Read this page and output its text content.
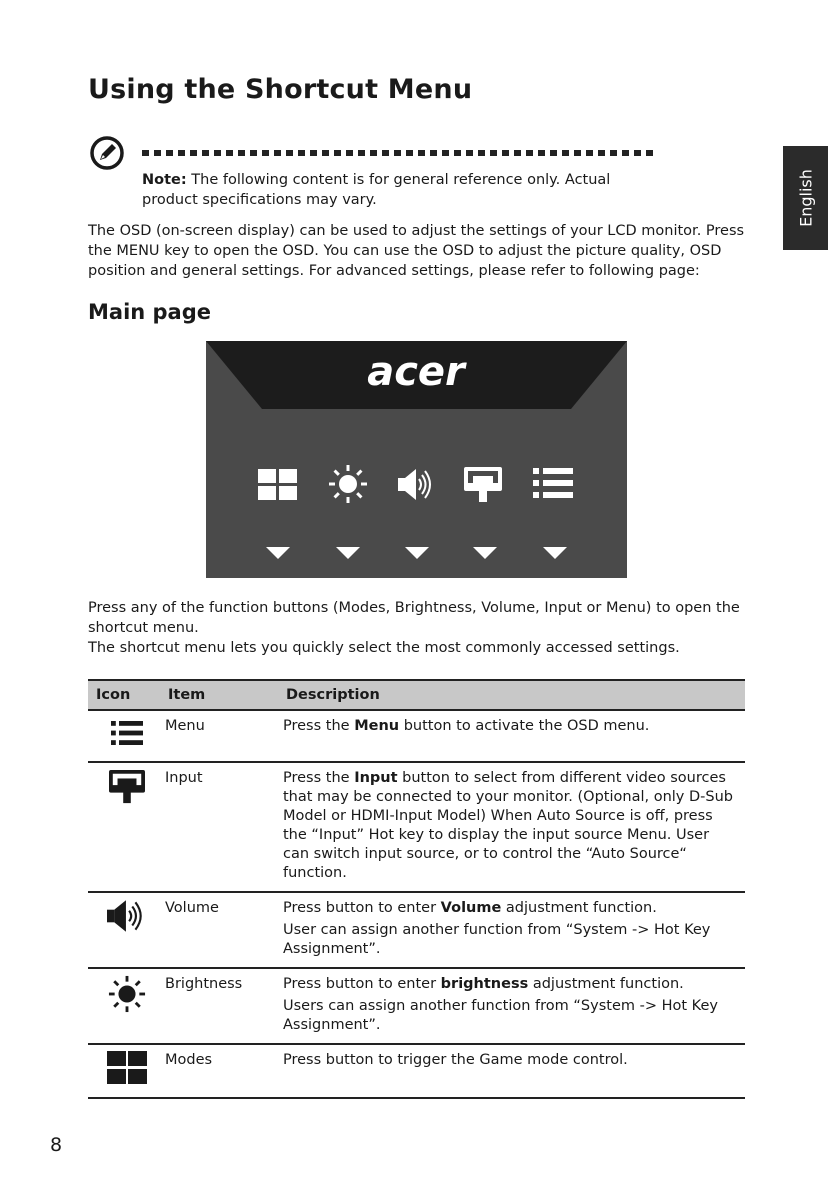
Using the Shortcut Menu
English
Note: The following content is for general reference only. Actual product specifications may vary.
The OSD (on-screen display) can be used to adjust the settings of your LCD monitor. Press the MENU key to open the OSD. You can use the OSD to adjust the picture quality, OSD position and general settings. For advanced settings, please refer to following page:
Main page
acer
Press any of the function buttons (Modes, Brightness, Volume, Input or Menu) to open the shortcut menu.
The shortcut menu lets you quickly select the most commonly accessed settings.
Icon	Item	Description
	Menu	Press the Menu button to activate the OSD menu.

	Input	Press the Input button to select from different video sources that may be connected to your monitor. (Optional, only D-Sub Model or HDMI-Input Model) When Auto Source is off, press the “Input” Hot key to display the input source Menu. User can switch input source, or to control the “Auto Source“ function.

	Volume	Press button to enter Volume adjustment function.

User can assign another function from “System -> Hot Key Assignment”.

	Brightness	Press button to enter brightness adjustment function.

Users can assign another function from “System -> Hot Key Assignment”.

	Modes	Press button to trigger the Game mode control.

8
